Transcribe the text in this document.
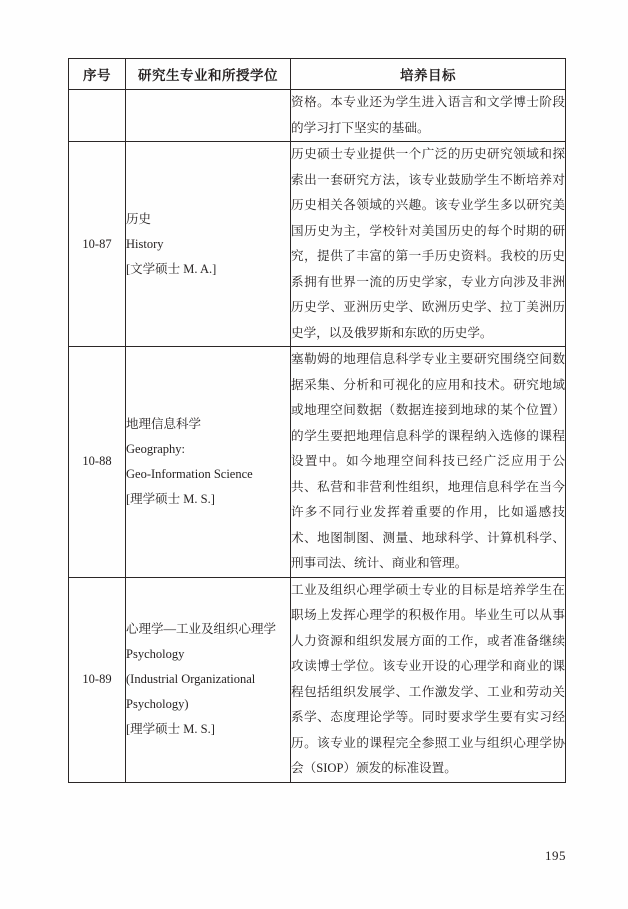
序号	研究生专业和所授学位	培养目标
		资格。本专业还为学生进入语言和文学博士阶段的学习打下坚实的基础。
10-87	历史
History
[文学硕士 M. A.]	历史硕士专业提供一个广泛的历史研究领域和探索出一套研究方法，该专业鼓励学生不断培养对历史相关各领域的兴趣。该专业学生多以研究美国历史为主，学校针对美国历史的每个时期的研究，提供了丰富的第一手历史资料。我校的历史系拥有世界一流的历史学家，专业方向涉及非洲历史学、亚洲历史学、欧洲历史学、拉丁美洲历史学，以及俄罗斯和东欧的历史学。
10-88	地理信息科学
Geography:
Geo-Information Science
[理学硕士 M. S.]	塞勒姆的地理信息科学专业主要研究围绕空间数据采集、分析和可视化的应用和技术。研究地域或地理空间数据（数据连接到地球的某个位置）的学生要把地理信息科学的课程纳入选修的课程设置中。如今地理空间科技已经广泛应用于公共、私营和非营利性组织，地理信息科学在当今许多不同行业发挥着重要的作用，比如遥感技术、地图制图、测量、地球科学、计算机科学、刑事司法、统计、商业和管理。
10-89	心理学—工业及组织心理学
Psychology
(Industrial Organizational
Psychology)
[理学硕士 M. S.]	工业及组织心理学硕士专业的目标是培养学生在职场上发挥心理学的积极作用。毕业生可以从事人力资源和组织发展方面的工作，或者准备继续攻读博士学位。该专业开设的心理学和商业的课程包括组织发展学、工作激发学、工业和劳动关系学、态度理论学等。同时要求学生要有实习经历。该专业的课程完全参照工业与组织心理学协会（SIOP）颁发的标准设置。
195
